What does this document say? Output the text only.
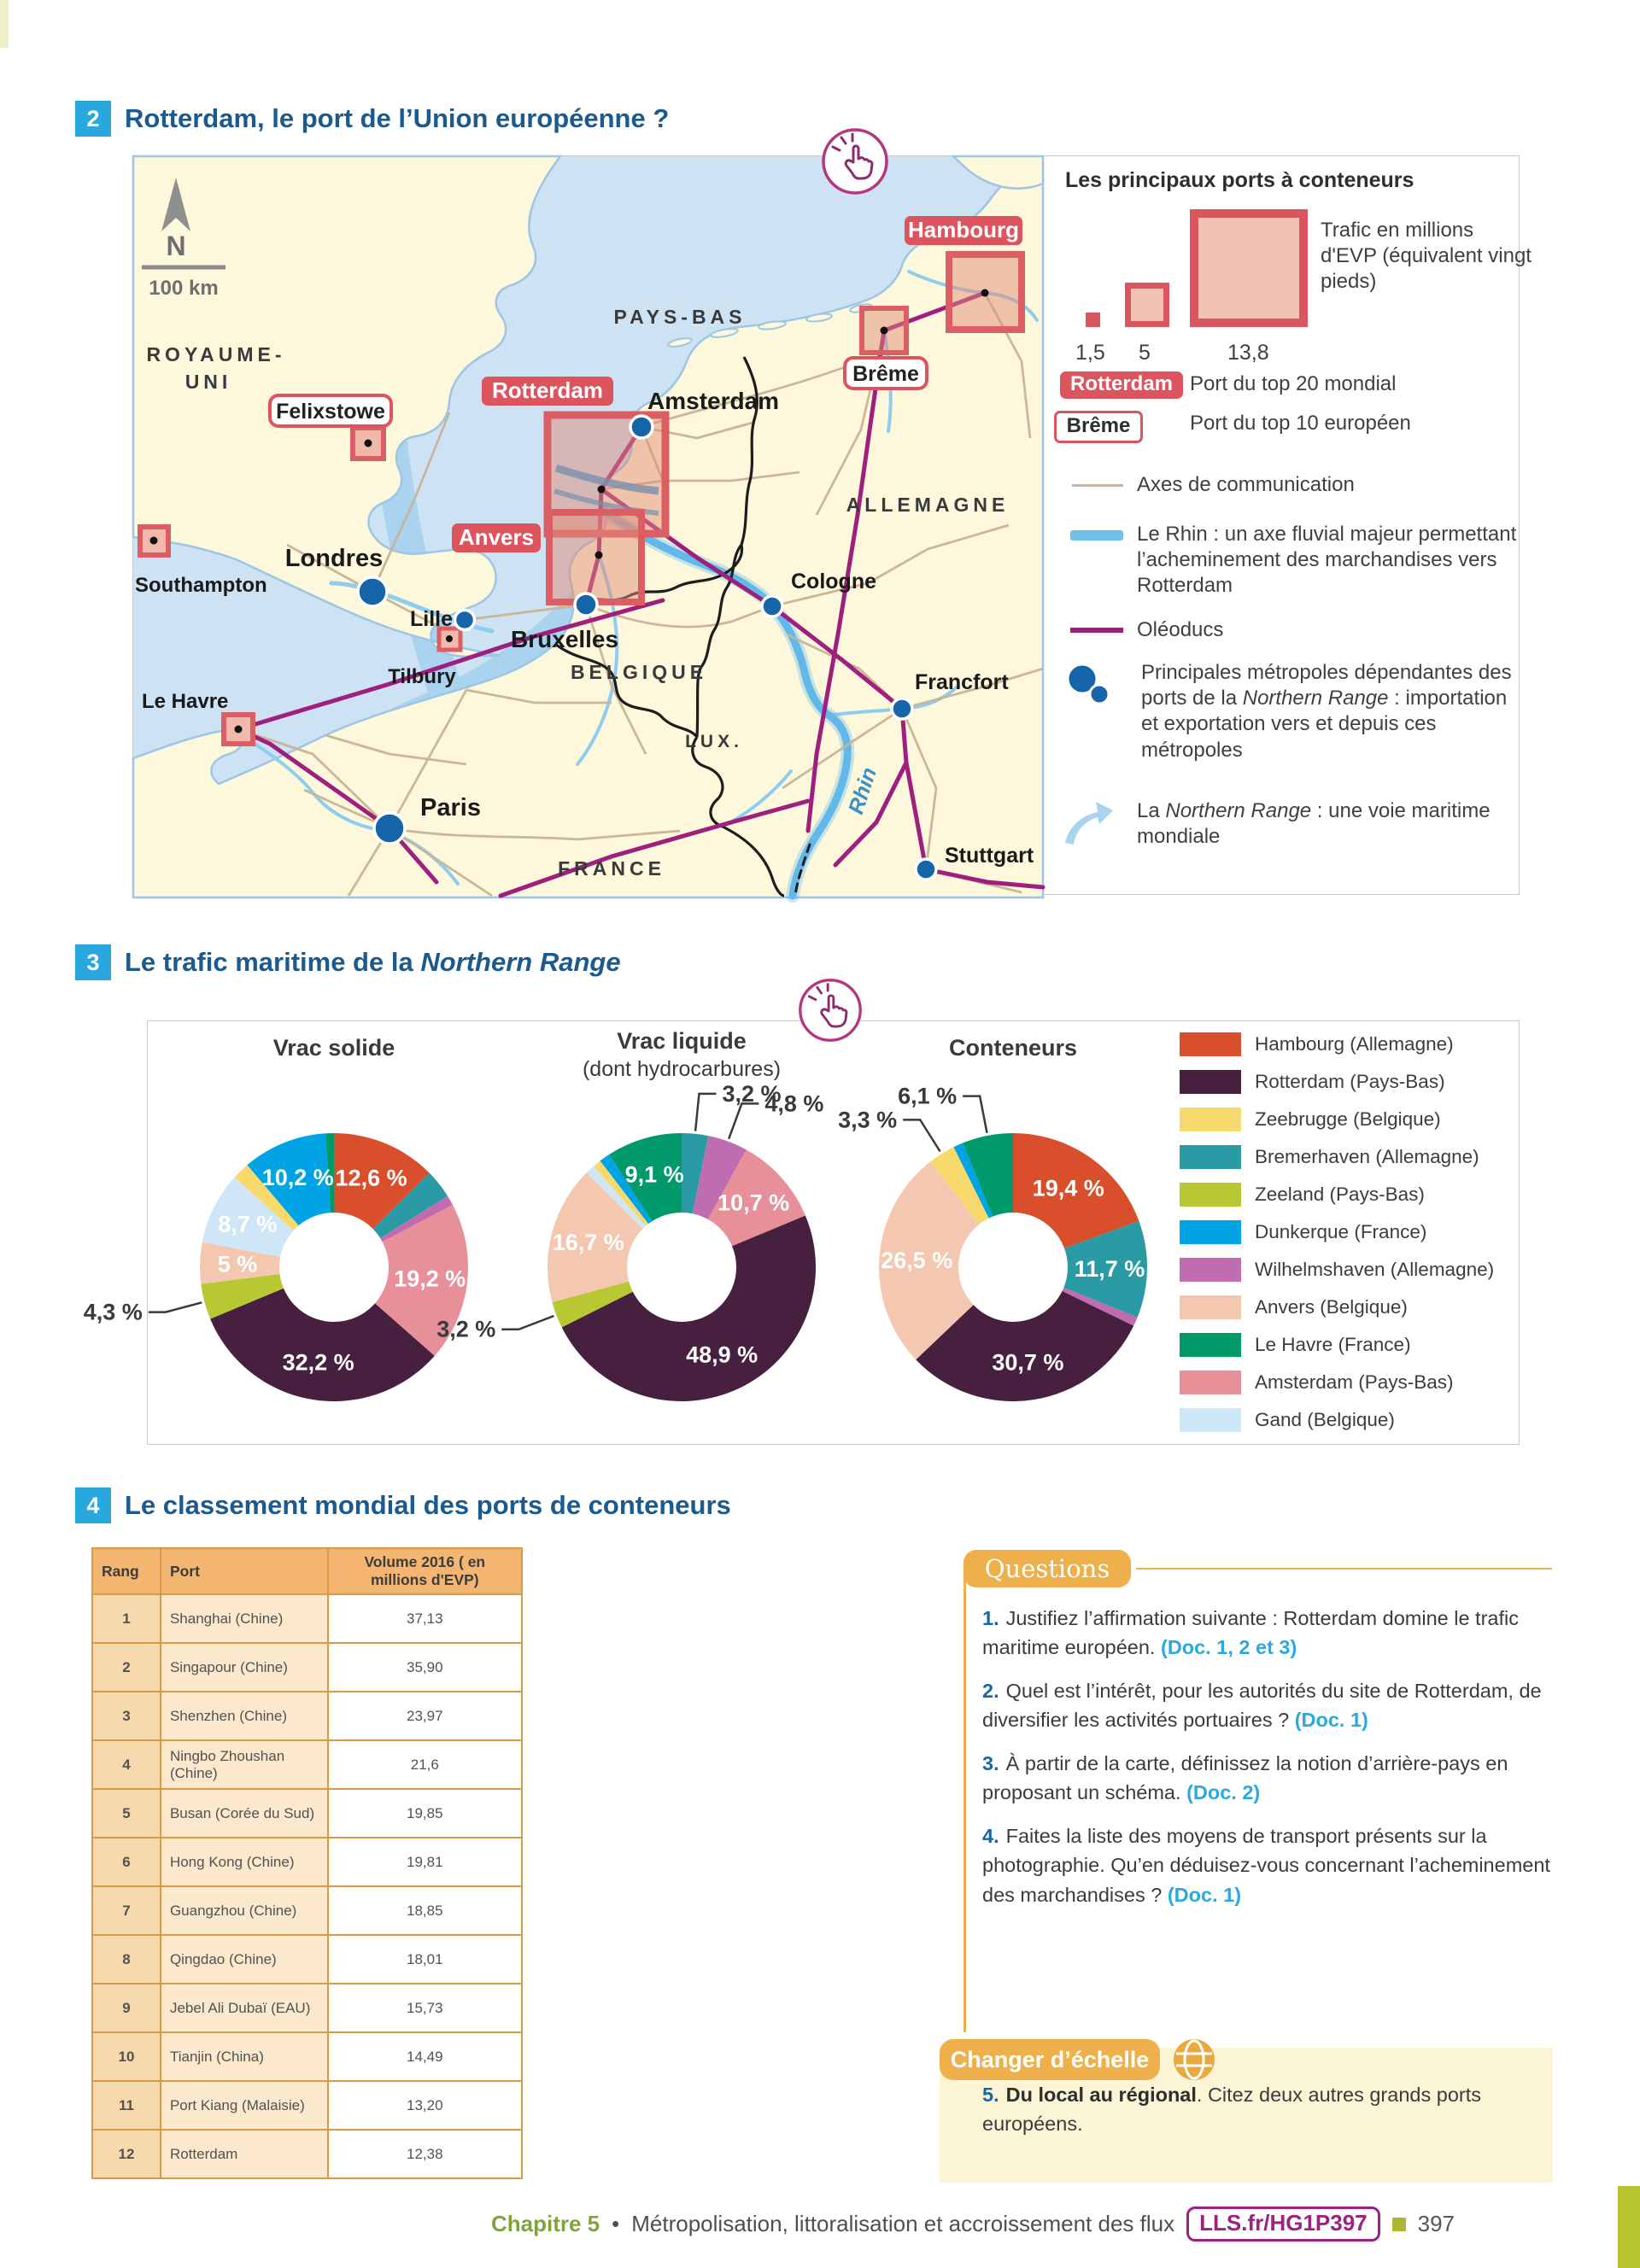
2 Rotterdam, le port de l’Union européenne ?
N
100 km
ROYAUME-
UNI
PAYS-BAS
ALLEMAGNE
BELGIQUE
LUX.
FRANCE
Londres
Tilbury
Southampton
Le Havre
Paris
Lille
Bruxelles
Amsterdam
Cologne
Francfort
Stuttgart
Rotterdam
Anvers
Hambourg
Felixstowe
Brême
Rhin
Les principaux ports à conteneurs
1,5 5	13,8
Trafic en millions d'EVP (équivalent vingt pieds)
Rotterdam Port du top 20 mondial
Brême	Port du top 10 européen
Axes de communication
Le Rhin : un axe fluvial majeur permettant l’acheminement des marchandises vers Rotterdam
Oléoducs
Principales métropoles dépendantes des ports de la Northern Range : importation et exportation vers et depuis ces métropoles
La Northern Range : une voie maritime mondiale
3 Le trafic maritime de la Northern Range
Vrac solide	Vrac liquide
(dont hydrocarbures)
Conteneurs
12,6 %
19,2 %
32,2 %
4,3 %
5 %
8,7 %
10,2 %
3,2 %
4,8 %
10,7 %
48,9 %
3,2 %
16,7 %
9,1 %
19,4 %
11,7 %
30,7 %
26,5 %
3,3 %
6,1 %
Hambourg (Allemagne)
Rotterdam (Pays-Bas)
Zeebrugge (Belgique)
Bremerhaven (Allemagne)
Zeeland (Pays-Bas)
Dunkerque (France)
Wilhelmshaven (Allemagne)
Anvers (Belgique)
Le Havre (France)
Amsterdam (Pays-Bas)
Gand (Belgique)
4 Le classement mondial des ports de conteneurs
Rang	Port	Volume 2016 ( en millions d'EVP)
1	Shanghai (Chine)	37,13
2	Singapour (Chine)	35,90
3	Shenzhen (Chine)	23,97
4	Ningbo Zhoushan (Chine)	21,6
5	Busan (Corée du Sud)	19,85
6	Hong Kong (Chine)	19,81
7	Guangzhou (Chine)	18,85
8	Qingdao (Chine)	18,01
9	Jebel Ali Dubaï (EAU)	15,73
10	Tianjin (China)	14,49
11	Port Kiang (Malaisie)	13,20
12	Rotterdam	12,38
Questions
1. Justifiez l’affirmation suivante : Rotterdam domine le trafic maritime européen. (Doc. 1, 2 et 3)
2. Quel est l’intérêt, pour les autorités du site de Rotterdam, de diversifier les activités portuaires ? (Doc. 1)
3. À partir de la carte, définissez la notion d’arrière-pays en proposant un schéma. (Doc. 2)
4. Faites la liste des moyens de transport présents sur la photographie. Qu’en déduisez-vous concernant l’acheminement des marchandises ? (Doc. 1)
Changer d’échelle
5. Du local au régional. Citez deux autres grands ports européens.
Chapitre 5 • Métropolisation, littoralisation et accroissement des flux	LLS.fr/HG1P397	397
